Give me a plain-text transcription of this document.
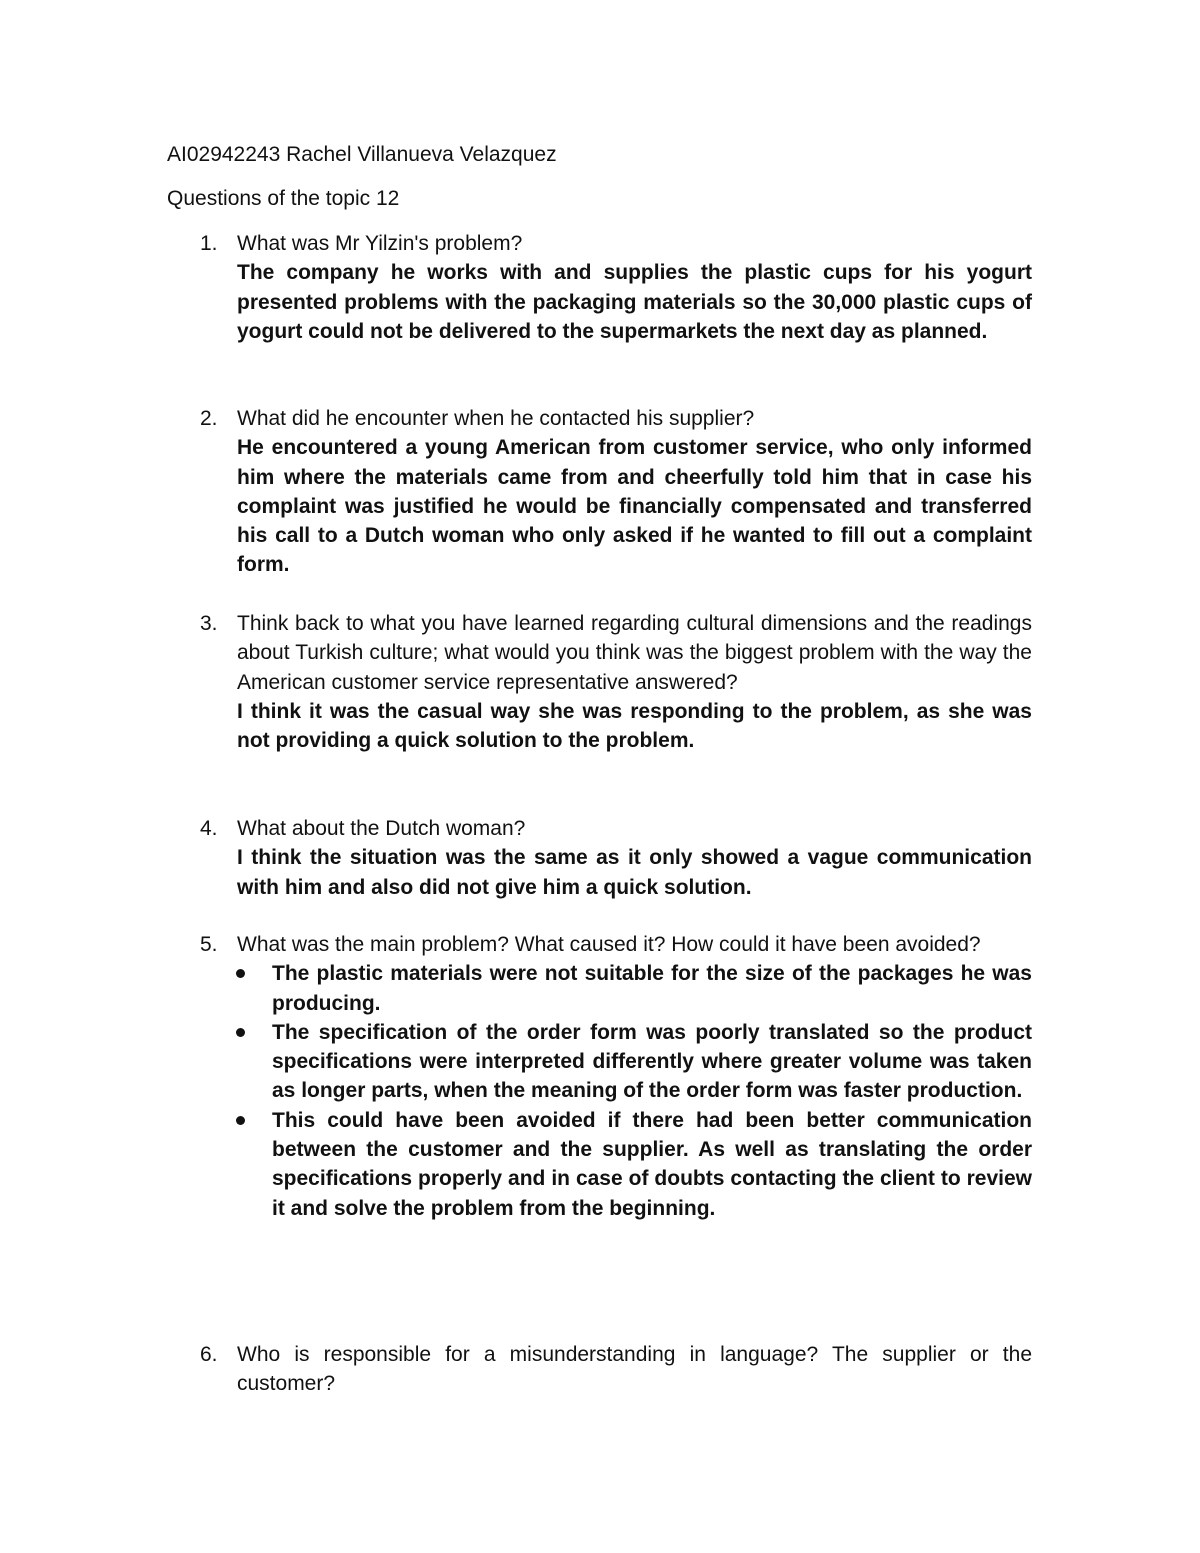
AI02942243 Rachel Villanueva Velazquez
Questions of the topic 12
1. What was Mr Yilzin's problem?
The company he works with and supplies the plastic cups for his yogurt presented problems with the packaging materials so the 30,000 plastic cups of yogurt could not be delivered to the supermarkets the next day as planned.
2. What did he encounter when he contacted his supplier?
He encountered a young American from customer service, who only informed him where the materials came from and cheerfully told him that in case his complaint was justified he would be financially compensated and transferred his call to a Dutch woman who only asked if he wanted to fill out a complaint form.
3. Think back to what you have learned regarding cultural dimensions and the readings about Turkish culture; what would you think was the biggest problem with the way the American customer service representative answered?
I think it was the casual way she was responding to the problem, as she was not providing a quick solution to the problem.
4. What about the Dutch woman?
I think the situation was the same as it only showed a vague communication with him and also did not give him a quick solution.
5. What was the main problem? What caused it? How could it have been avoided?
The plastic materials were not suitable for the size of the packages he was producing.
The specification of the order form was poorly translated so the product specifications were interpreted differently where greater volume was taken as longer parts, when the meaning of the order form was faster production.
This could have been avoided if there had been better communication between the customer and the supplier. As well as translating the order specifications properly and in case of doubts contacting the client to review it and solve the problem from the beginning.
6. Who is responsible for a misunderstanding in language? The supplier or the customer?
